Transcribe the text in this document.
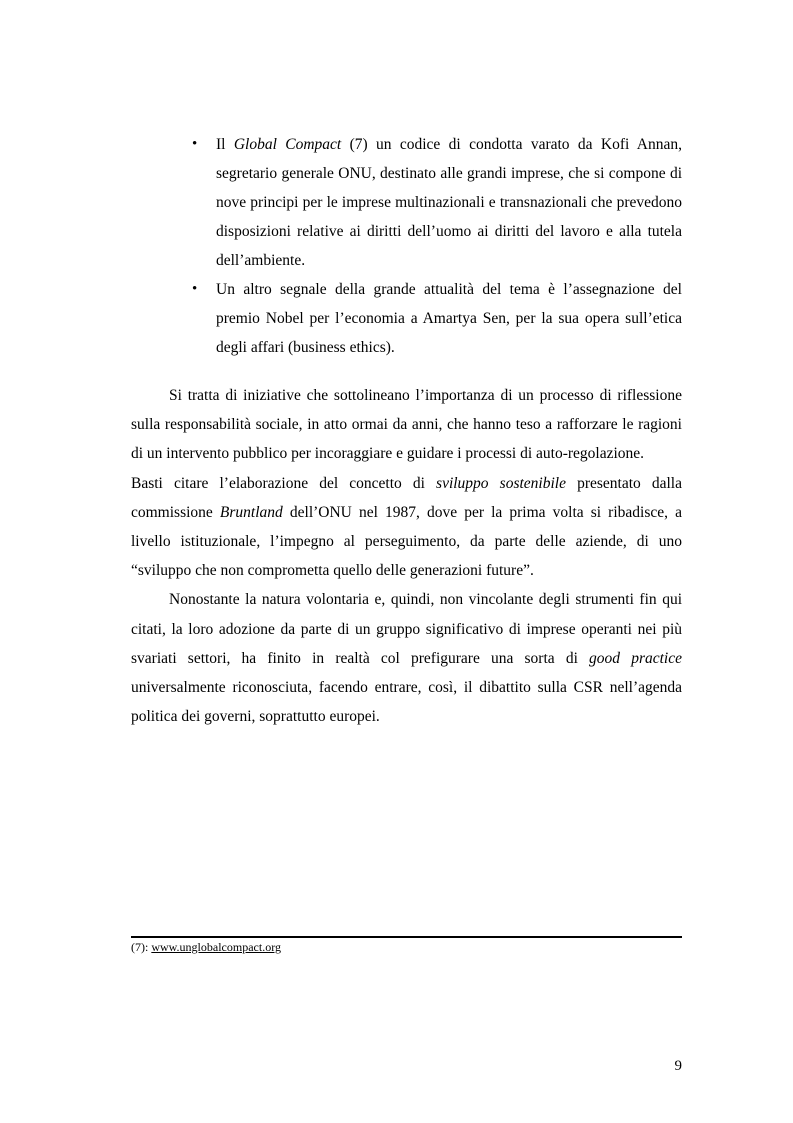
• Il Global Compact (7) un codice di condotta varato da Kofi Annan, segretario generale ONU, destinato alle grandi imprese, che si compone di nove principi per le imprese multinazionali e transnazionali che prevedono disposizioni relative ai diritti dell’uomo ai diritti del lavoro e alla tutela dell’ambiente.
• Un altro segnale della grande attualità del tema è l’assegnazione del premio Nobel per l’economia a Amartya Sen, per la sua opera sull’etica degli affari (business ethics).

Si tratta di iniziative che sottolineano l’importanza di un processo di riflessione sulla responsabilità sociale, in atto ormai da anni, che hanno teso a rafforzare le ragioni di un intervento pubblico per incoraggiare e guidare i processi di auto-regolazione.

Basti citare l’elaborazione del concetto di sviluppo sostenibile presentato dalla commissione Bruntland dell’ONU nel 1987, dove per la prima volta si ribadisce, a livello istituzionale, l’impegno al perseguimento, da parte delle aziende, di uno “sviluppo che non comprometta quello delle generazioni future”.

Nonostante la natura volontaria e, quindi, non vincolante degli strumenti fin qui citati, la loro adozione da parte di un gruppo significativo di imprese operanti nei più svariati settori, ha finito in realtà col prefigurare una sorta di good practice universalmente riconosciuta, facendo entrare, così, il dibattito sulla CSR nell’agenda politica dei governi, soprattutto europei.

(7): www.unglobalcompact.org
9
